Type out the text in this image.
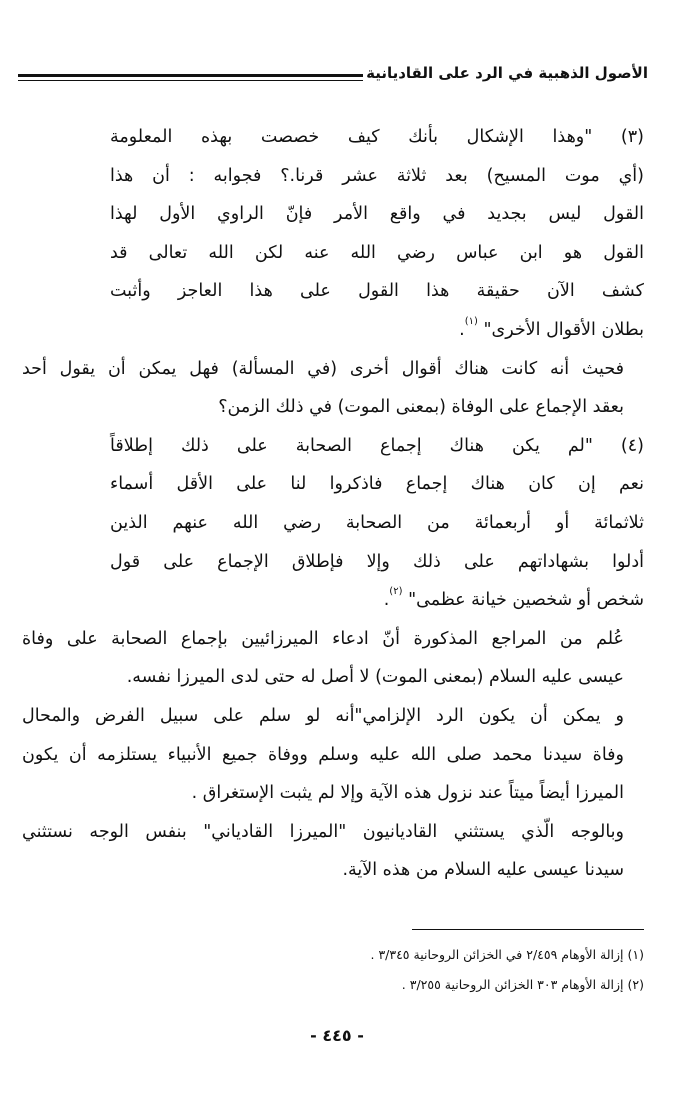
الأصول الذهبية في الرد على القاديانية
(٣) "وهذا الإشكال بأنك كيف خصصت بهذه المعلومة
(أي موت المسيح) بعد ثلاثة عشر قرنا.؟ فجوابه : أن هذا
القول ليس بجديد في واقع الأمر فإنّ الراوي الأول لهذا
القول هو ابن عباس رضي الله عنه لكن الله تعالى قد
كشف الآن حقيقة هذا القول على هذا العاجز وأثبت
بطلان الأقوال الأخرى" $^{(١)}$.
فحيث أنه كانت هناك أقوال أخرى (في المسألة) فهل يمكن أن يقول أحد
بعقد الإجماع على الوفاة (بمعنى الموت) في ذلك الزمن؟
(٤) "لم يكن هناك إجماع الصحابة على ذلك إطلاقاً
نعم إن كان هناك إجماع فاذكروا لنا على الأقل أسماء
ثلاثمائة أو أربعمائة من الصحابة رضي الله عنهم الذين
أدلوا بشهاداتهم على ذلك وإلا فإطلاق الإجماع على قول
شخص أو شخصين خيانة عظمى" $^{(٢)}$.
عُلم من المراجع المذكورة أنّ ادعاء الميرزائيين بإجماع الصحابة على وفاة
عيسى عليه السلام (بمعنى الموت) لا أصل له حتى لدى الميرزا نفسه.
و يمكن أن يكون الرد الإلزامي"أنه لو سلم على سبيل الفرض والمحال
وفاة سيدنا محمد صلى الله عليه وسلم ووفاة جميع الأنبياء يستلزمه أن يكون
الميرزا أيضاً ميتاً عند نزول هذه الآية وإلا لم يثبت الإستغراق .
وبالوجه الّذي يستثني القاديانيون "الميرزا القادياني" بنفس الوجه نستثني
سيدنا عيسى عليه السلام من هذه الآية.
(١) إزالة الأوهام ٢/٤٥٩ في الخزائن الروحانية ٣/٣٤٥ .
(٢) إزالة الأوهام ٣٠٣ الخزائن الروحانية ٣/٢٥٥ .
- ٤٤٥ -
